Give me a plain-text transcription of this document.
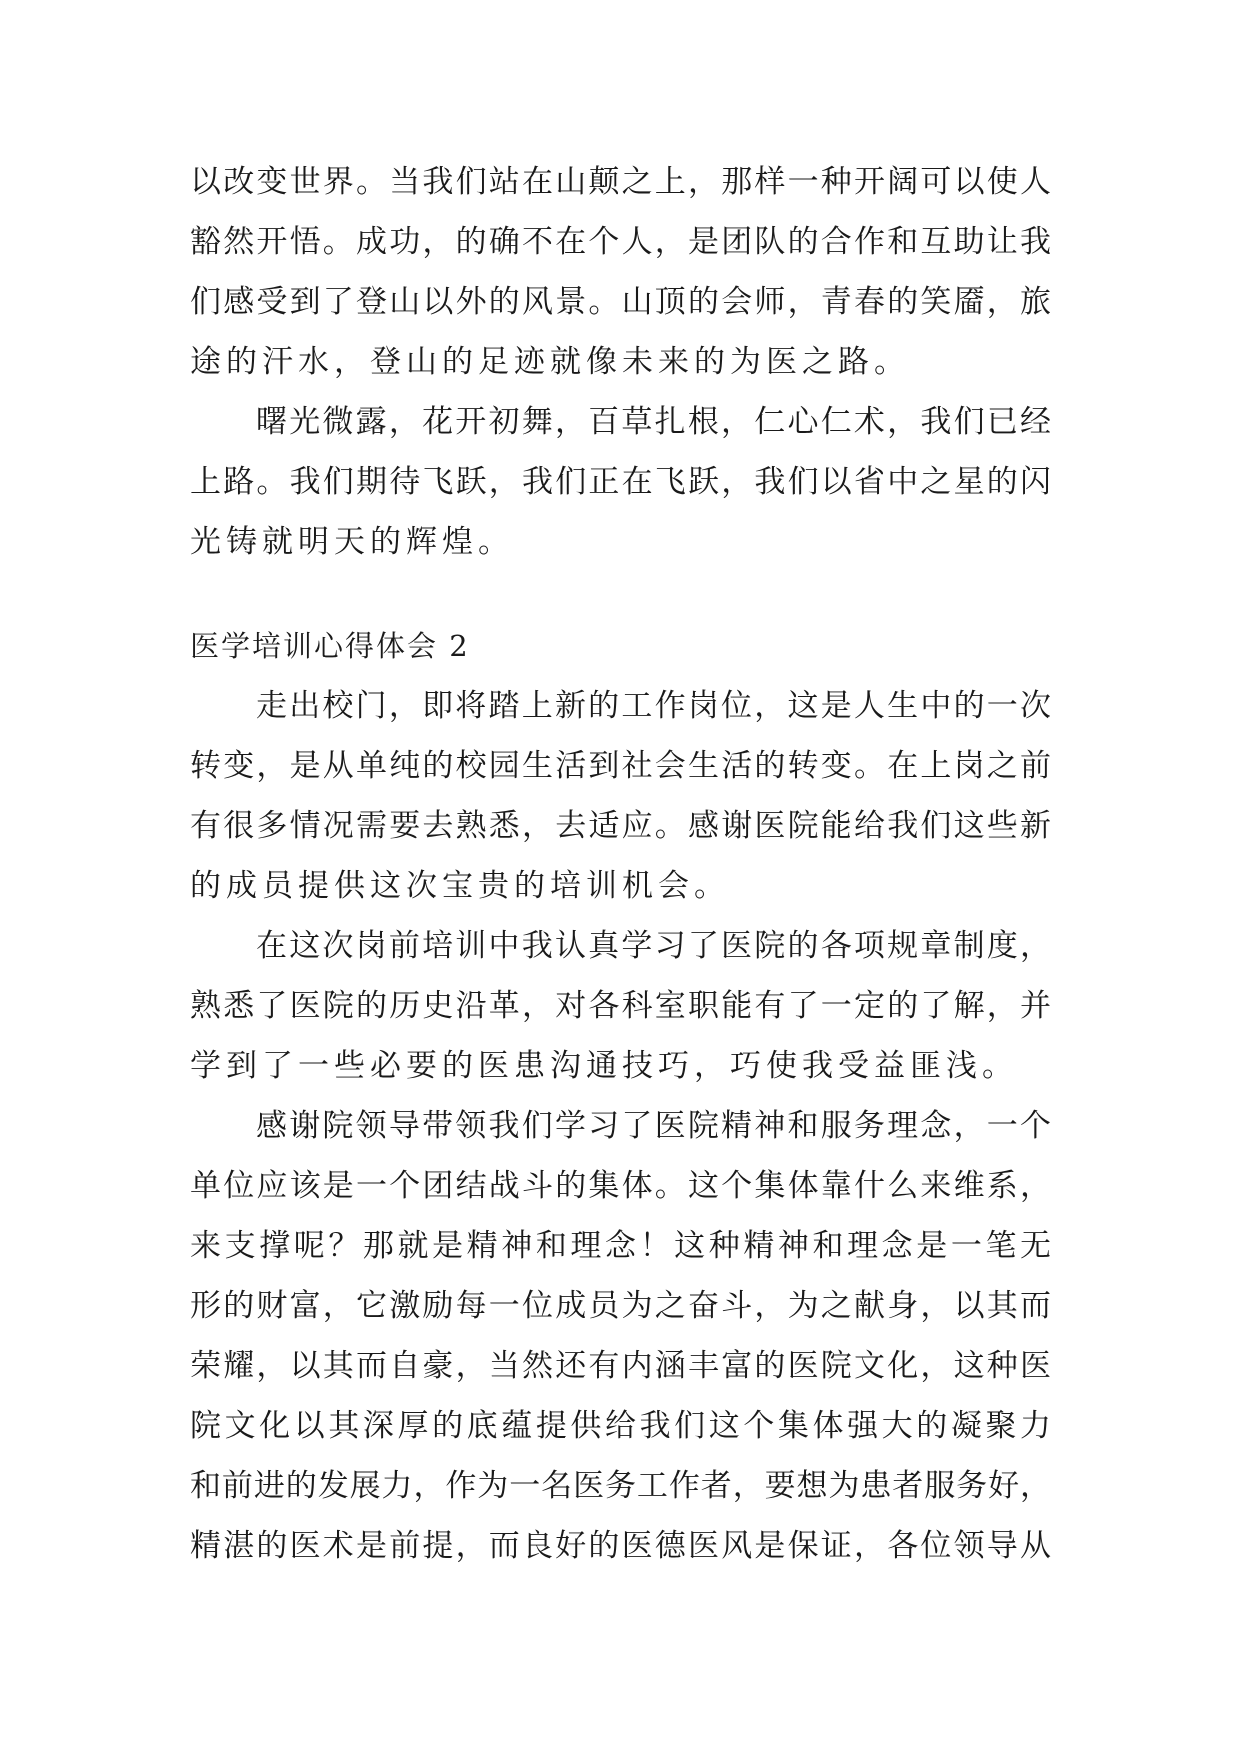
以改变世界。当我们站在山颠之上，那样一种开阔可以使人
豁然开悟。成功，的确不在个人，是团队的合作和互助让我
们感受到了登山以外的风景。山顶的会师，青春的笑靥，旅
途的汗水，登山的足迹就像未来的为医之路。
曙光微露，花开初舞，百草扎根，仁心仁术，我们已经
上路。我们期待飞跃，我们正在飞跃，我们以省中之星的闪
光铸就明天的辉煌。
医学培训心得体会 2
走出校门，即将踏上新的工作岗位，这是人生中的一次
转变，是从单纯的校园生活到社会生活的转变。在上岗之前
有很多情况需要去熟悉，去适应。感谢医院能给我们这些新
的成员提供这次宝贵的培训机会。
在这次岗前培训中我认真学习了医院的各项规章制度，
熟悉了医院的历史沿革，对各科室职能有了一定的了解，并
学到了一些必要的医患沟通技巧，巧使我受益匪浅。
感谢院领导带领我们学习了医院精神和服务理念，一个
单位应该是一个团结战斗的集体。这个集体靠什么来维系，
来支撑呢？那就是精神和理念！这种精神和理念是一笔无
形的财富，它激励每一位成员为之奋斗，为之献身，以其而
荣耀，以其而自豪，当然还有内涵丰富的医院文化，这种医
院文化以其深厚的底蕴提供给我们这个集体强大的凝聚力
和前进的发展力，作为一名医务工作者，要想为患者服务好，
精湛的医术是前提，而良好的医德医风是保证，各位领导从
